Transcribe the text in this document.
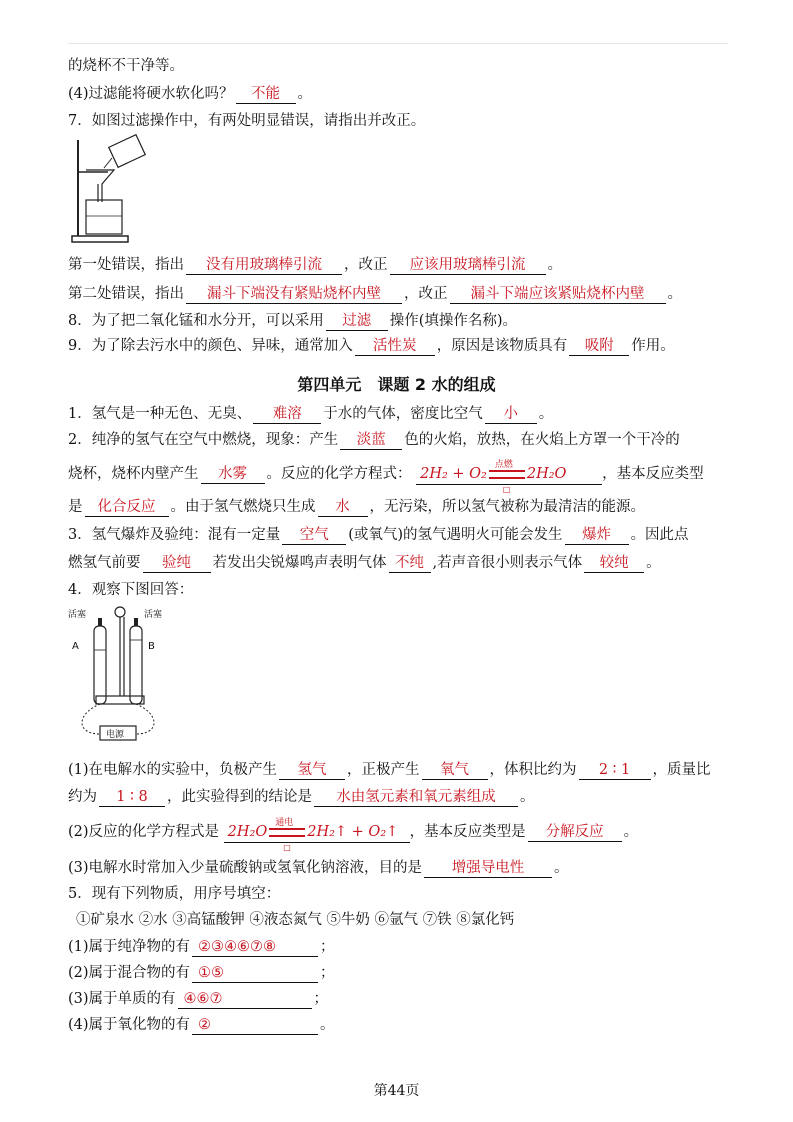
的烧杯不干净等。
(4)过滤能将硬水软化吗？ 不能 。
7．如图过滤操作中，有两处明显错误，请指出并改正。
第一处错误，指出 没有用玻璃棒引流 ，改正 应该用玻璃棒引流 。
第二处错误，指出 漏斗下端没有紧贴烧杯内壁 ，改正 漏斗下端应该紧贴烧杯内壁 。
8．为了把二氧化锰和水分开，可以采用 过滤 操作(填操作名称)。
9．为了除去污水中的颜色、异味，通常加入 活性炭 ，原因是该物质具有 吸附 作用。
第四单元 课题 2 水的组成
1．氢气是一种无色、无臭、 难溶 于水的气体，密度比空气 小 。
2．纯净的氢气在空气中燃烧，现象：产生 淡蓝 色的火焰，放热，在火焰上方罩一个干冷的
烧杯，烧杯内壁产生 水雾 。反应的化学方程式： 2H₂ + O₂
点燃
□
2H₂O ，基本反应类型
是 化合反应 。由于氢气燃烧只生成 水 ，无污染，所以氢气被称为最清洁的能源。
3．氢气爆炸及验纯：混有一定量 空气 (或氧气)的氢气遇明火可能会发生 爆炸 。因此点
燃氢气前要 验纯 若发出尖锐爆鸣声表明气体 不纯 ,若声音很小则表示气体 较纯 。
4．观察下图回答：
活塞	活塞
A	B
电源
(1)在电解水的实验中，负极产生 氢气 ，正极产生 氧气 ，体积比约为 2 ∶ 1 ，质量比
约为 1 ∶ 8 ，此实验得到的结论是 水由氢元素和氧元素组成 。
(2)反应的化学方程式是 2H₂O
通电
□
2H₂↑ + O₂↑ ，基本反应类型是 分解反应 。
(3)电解水时常加入少量硫酸钠或氢氧化钠溶液，目的是 增强导电性 。
5．现有下列物质，用序号填空：
①矿泉水 ②水 ③高锰酸钾 ④液态氮气 ⑤牛奶 ⑥氩气 ⑦铁 ⑧氯化钙
(1)属于纯净物的有 ②③④⑥⑦⑧	；
(2)属于混合物的有 ①⑤	；
(3)属于单质的有 ④⑥⑦	；
(4)属于氧化物的有 ②	。
第44页
